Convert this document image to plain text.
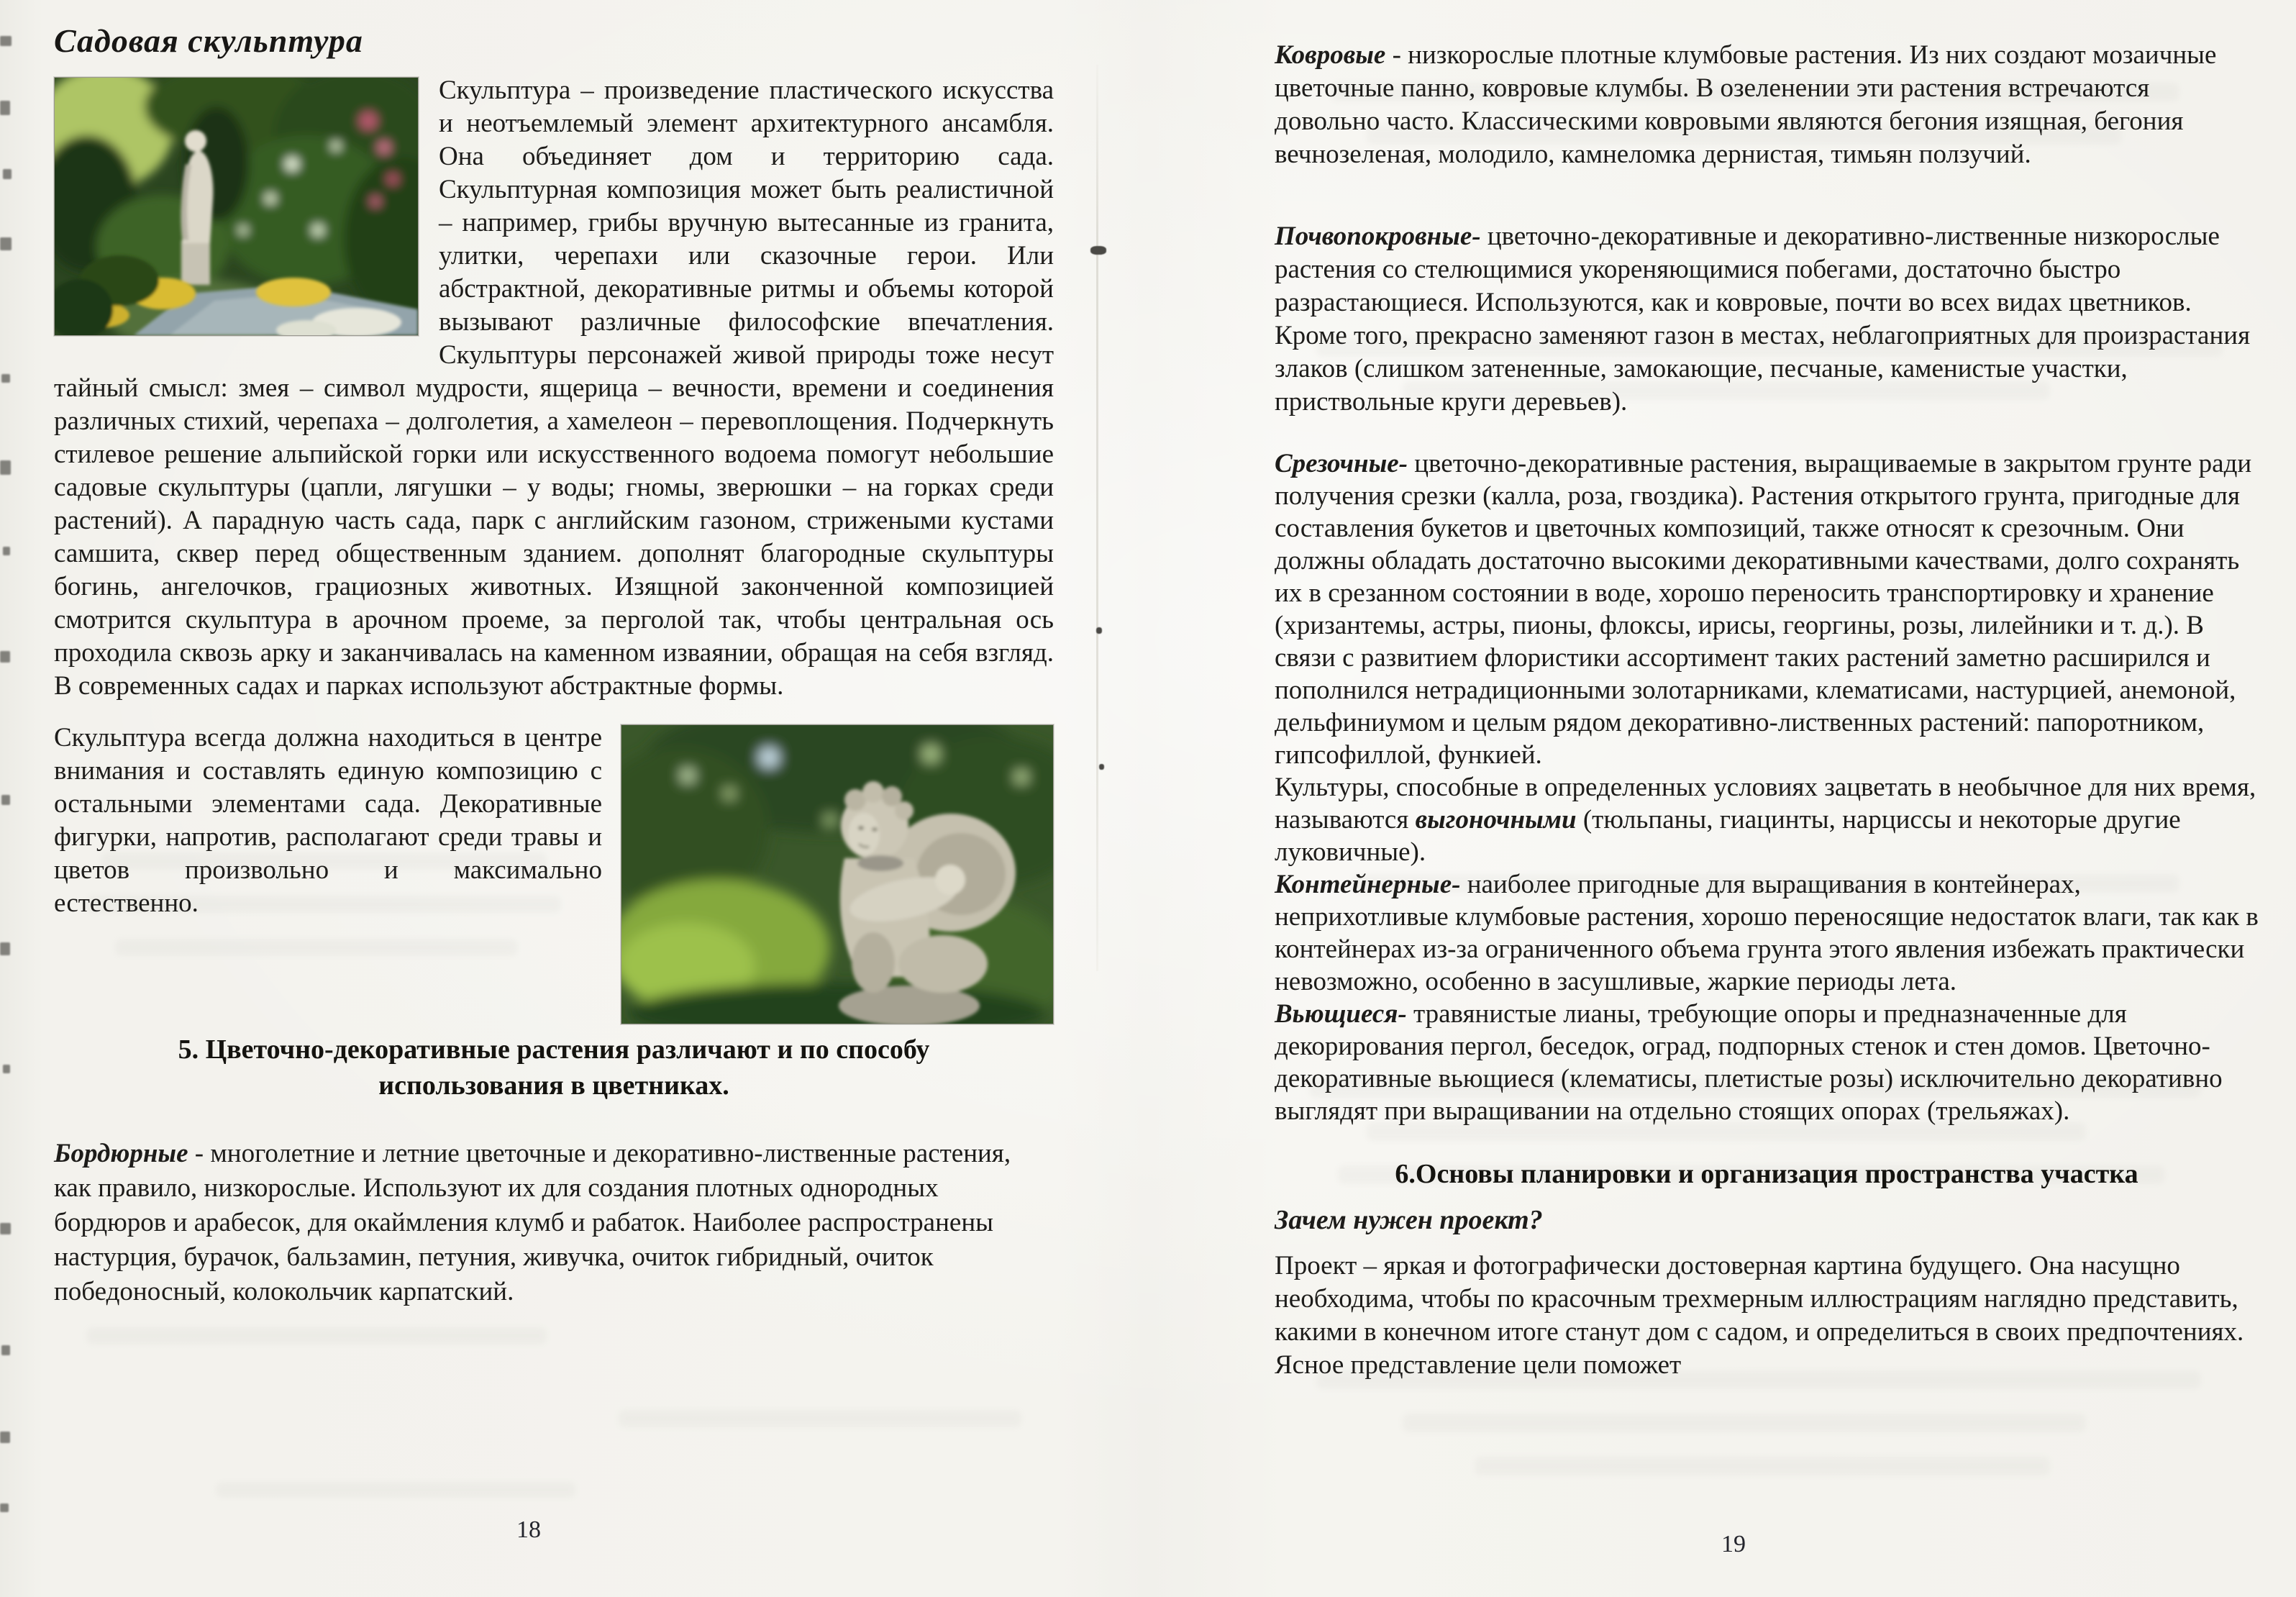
Садовая скульптура
Скульптура – произведение пластического искусства и неотъемлемый элемент архитектурного ансамбля. Она объединяет дом и территорию сада. Скульптурная композиция может быть реалистичной – например, грибы вручную вытесанные из гранита, улитки, черепахи или сказочные герои. Или абстрактной, декоративные ритмы и объемы которой вызывают различные философские впечатления. Скульптуры персонажей живой природы тоже несут тайный смысл: змея – символ мудрости, ящерица – вечности, времени и соединения различных стихий, черепаха – долголетия, а хамелеон – перевоплощения. Подчеркнуть стилевое решение альпийской горки или искусственного водоема помогут небольшие садовые скульптуры (цапли, лягушки – у воды; гномы, зверюшки – на горках среди растений). А парадную часть сада, парк с английским газоном, стрижеными кустами самшита, сквер перед общественным зданием. дополнят благородные скульптуры богинь, ангелочков, грациозных животных. Изящной законченной композицией смотрится скульптура в арочном проеме, за перголой так, чтобы центральная ось проходила сквозь арку и заканчивалась на каменном изваянии, обращая на себя взгляд. В современных садах и парках используют абстрактные формы.
Скульптура всегда должна находиться в центре внимания и составлять единую композицию с остальными элементами сада. Декоративные фигурки, напротив, располагают среди травы и цветов произвольно и максимально естественно.
5. Цветочно-декоративные растения различают и по способу
использования в цветниках.

Бордюрные - многолетние и летние цветочные и декоративно-лиственные растения, как правило, низкорослые. Используют их для создания плотных однородных бордюров и арабесок, для окаймления клумб и рабаток. Наиболее распространены настурция, бурачок, бальзамин, петуния, живучка, очиток гибридный, очиток победоносный, колокольчик карпатский.

Ковровые - низкорослые плотные клумбовые растения. Из них создают мозаичные цветочные панно, ковровые клумбы. В озеленении эти растения встречаются довольно часто. Классическими ковровыми являются бегония изящная, бегония вечнозеленая, молодило, камнеломка дернистая, тимьян ползучий.

Почвопокровные- цветочно-декоративные и декоративно-лиственные низкорослые растения со стелющимися укореняющимися побегами, достаточно быстро разрастающиеся. Используются, как и ковровые, почти во всех видах цветников. Кроме того, прекрасно заменяют газон в местах, неблагоприятных для произрастания злаков (слишком затененные, замокающие, песчаные, каменистые участки, приствольные круги деревьев).

Срезочные- цветочно-декоративные растения, выращиваемые в закрытом грунте ради получения срезки (калла, роза, гвоздика). Растения открытого грунта, пригодные для составления букетов и цветочных композиций, также относят к срезочным. Они должны обладать достаточно высокими декоративными качествами, долго сохранять их в срезанном состоянии в воде, хорошо переносить транспортировку и хранение (хризантемы, астры, пионы, флоксы, ирисы, георгины, розы, лилейники и т. д.). В связи с развитием флористики ассортимент таких растений заметно расширился и пополнился нетрадиционными золотарниками, клематисами, настурцией, анемоной, дельфиниумом и целым рядом декоративно-лиственных растений: папоротником, гипсофиллой, функией.

Культуры, способные в определенных условиях зацветать в необычное для них время, называются выгоночными (тюльпаны, гиацинты, нарциссы и некоторые другие луковичные).

Контейнерные- наиболее пригодные для выращивания в контейнерах, неприхотливые клумбовые растения, хорошо переносящие недостаток влаги, так как в контейнерах из-за ограниченного объема грунта этого явления избежать практически невозможно, особенно в засушливые, жаркие периоды лета.

Вьющиеся- травянистые лианы, требующие опоры и предназначенные для декорирования пергол, беседок, оград, подпорных стенок и стен домов. Цветочно-декоративные вьющиеся (клематисы, плетистые розы) исключительно декоративно выглядят при выращивании на отдельно стоящих опорах (трельяжах).

6.Основы планировки и организация пространства участка
Зачем нужен проект?

Проект – яркая и фотографически достоверная картина будущего. Она насущно необходима, чтобы по красочным трехмерным иллюстрациям наглядно представить, какими в конечном итоге станут дом с садом, и определиться в своих предпочтениях. Ясное представление цели поможет

18
19
